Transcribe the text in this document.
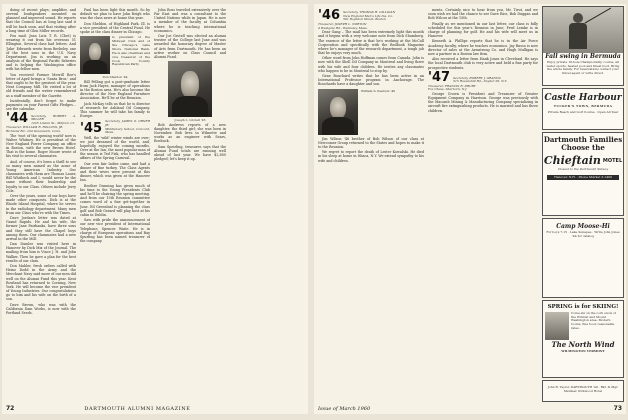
doing of recent plays; amplifier, and several loudspeakers mounted on planned and improved sound. He reports that the Council has at long last said it will be back soon, and that visiting after a long time of Glen Miller records.

Fox mail. Jean Lutz T. R. (Chet) is wearing it out from his overseas 51 Ellington. Several class had letters. And 'Jake' Edwards wrote from Berkeley, one of the best sons in the U.S. Navy Department. Jim is working on an analysis of the Regional Pacific fisheries and is helping the Washington office with his fellow men.

You received Former Merrill Roe's letter of April brings a 'Santa Bros.' and that ought to be the greatest of the year. Next Company Mill. He visited a lot of old friends and the writer remembered as a staff member of the Gazette.

Incidentally, don't forget to make payments on your Parent Gifts Pledges... see the calendar.

'44 Secretary, ROBERT A. MILLER
1225 Linden St., Milford, Ct.
Treasurer, WILLIAM R. ROLLINS, JR.
Richland Rd., Old Greenwich, Conn.

The 'root of the opening world' now is Walter Whitney. He is president of the New England Power Company, an office in Boston, with the new Brown Hotel. That is the home. Roger Moore wrote of his visit to several classmates.

And, of course, it's been a thrill to see so many men named as the acme of Young American Industry. Our classmates with them are Thomas Lauer, Bill Whitbeck and I, would never be the same without their leadership and loyalty to our Class. Others include Jerry Cole.

Over the years, some of our boys have made other conquests. Dick is at the Rhode Island Hospital, where he serves in the radiology department. Many men from our Class who're with the Times.

Dave Jordan's letter was dated at Grand Rapids. He and his wife, the former Jane Fairbanks, have three sons and they still have the Chapel boys among them. Our classmates had a new arrival in the Mill.

Dan Dumler was visited here in Hanover by Dick Mix of the Journal. The mailing from him is Vince J. H. and John Walker. Then he gave a plan for the best results of our class.

Don Mahler, fresh orders called with Heinz Dodd in the Army and the Merchant Navy said more of our men did well on the Alumni Fund this year. Kent Rowland has returned to Corning, New York. He will become the vice president of Young Industries. Our congratulations go to him and his wife on the birth of a son.

Dave Brown, who was with the California Dam Works, is now with the Portland Seeds.

Paul has been light this month. So by default we plan to have John Reigh who was the class news at home this year.

Don Sheldon, of Highland Park, Ill. is a vice president of the Central Fund. He spoke at the class dinner in Chicago.

is president of the Midwest Club and of the Chicago's Lake Shore National Bank. He is also chairman and vice treasurer of the Cook County Republican Party.
Don Sheldon '44

Bill Pelling got a post-graduate letter from Jack Hayes, manager of operations in the Boston area. He's also become the director of the New England Furniture Association. He'll be at the Reunion.

Jack McKay tells us that he is director of research for Ashland Oil Company. This summer he will take his family to Europe.

'45 Secretary, JAMES O. ORNER JR.
Middlebury School, Concord, Mass.

Well, the 'wild' winter winds are over; we just dreamed of the world, and, hopefully, enjoyed the coming months. Over at the Inn, the most popular man of the season is Ted Fisk, who has handled affairs of the Spring Carnival.

Our own fair ladies came, and had a dinner of fine turkey. The Class Agents and their wives were present at this dinner, which was given at the Hanover Inn.

Brother Dunning has given much of his time to the Young Presidents Club and he'll be chairing the spring meeting. And from our 15th Reunion committee comes word of a fine get-together in June. Ed Greenleaf is planning the class golf and Bob Gerard will play host at his cabin in Dublin.

Saw with pride the announcement of our new vice president of International Telephone, Spencer Waite. He is in charge of European operations and Ray Spurling has been named treasurer of the company.

John Ross traveled extensively over the Far East and was a consultant to the United Nations while in Japan. He is now a member of the faculty at Columbia where he is teaching international economics.

Our Joe Grotell was elected an alumni trustee of the College last June and was awarded the honorary degree of Master of Arts from Dartmouth. He has been an active worker on Class Council and Alumni Fund.

Joseph L. Grotell '45

Bob Andrews reports of a new daughter, the third girl; she was born in November. Bob lives in Wilmette and works as an engineer with Sears, Roebuck.

Sam Speirling, treasurer, says that the Alumni Fund totals are running well ahead of last year. We have $2,800 pledged; let's keep it up.

72	DARTMOUTH ALUMNI MAGAZINE
'46 Secretary, THOMAS H. GILLIGAN
New England Men's Life Ins. Co.
501 Boylston Street, Boston
Treasurer, JOSEPH L. NORTON
4 Westgate Rd., Wellesley, Mass.

Dear Gang – The mail has been extremely light this month and it begins with a very welcome note from Dick Shumberg. The essence of the letter is that he's working at the McCall Corporation and specifically with the Redbook Magazine where he's manager of the research department, a tough job that he enjoys very much.

Other word from John Hoffman comes from Canada. John is now with the Shell Oil Company in Montreal and living there with his wife and four children. He invites any classmates who happen to be in Montreal to stop by.

Gene Bouchard writes that he has been active in an International Professor program in Anchorage. The Bouchards have a daughter and son.

William S. Pearson '46

Jim Wilson '46 brother of Bob Wilson of our class at Newcomer Group returned to the States and hopes to make it to the Reunion.

We regret to report the death of Lester Kowalski. He died in his sleep at home in Ithaca, N.Y. We extend sympathy to his wife and children.

ments. Certainly nice to hear from you, Mr. Tirut, and we soon wish we had the chance to see Dave Rice, Bob Duggan and Bob Wilcox at the 15th.

Finally as we mentioned in our last letter, our class is fully scheduled for this year's Reunion in June; Fred Lemke is in charge of planning for golf. He and his wife will meet us in Hanover.

Kenneth A. Phillips reports that he is in the Air Force Academy faculty, where he teaches economics. Jay Russo is now director of sales at the Armstrong Co. and Hugh Mulligan is now a partner in a Boston law firm.

Also received a letter from Hank Jones in Cleveland. He says the local Dartmouth club is very active and held a fine party for prospective students.

'47 Secretary, ROBERT J. GRANVIL
515 Ravenshill Rd., Snyder 26, N.Y.
Treasurer, FRANCIS R. DRURY
Fox Chase, Sherborn, N.J.

George Crown is President and Treasurer of Greater Equipment Company in Harrison. George was previously with the Macomb Mining & Manufacturing Company specializing in aircraft fire extinguishing products. He is married and has three children.

Fall swing in Bermuda
Enjoy private 18-hole Championship course, all water sports, heated pool and finest food. Bring the whole family. For reservations contact your travel agent or write direct.
Castle Harbour
TUCKER'S TOWN, BERMUDA
Private Beach and Golf Course · Open All Year
Dartmouth Families Choose the
Chieftain MOTEL
Closest to the Dartmouth Skiway
Hanover, N.H. · Phone MArket 3-1400
Camp Moose-Hi
For boys 7-15 · Lake Sunapee · Write John Jones '44 for catalog
SPRING is for SKIING!
Come ski on the corn snow of the Wildcat and Mount Washington area. Modern rooms, fine food, reasonable rates.
The North Wind
WILMINGTON VERMONT
John B. Taylor, DARTMOUTH '49 · Bkr. & Mgr. Member, Kirkwood Hotel
Issue of March 1960	73
